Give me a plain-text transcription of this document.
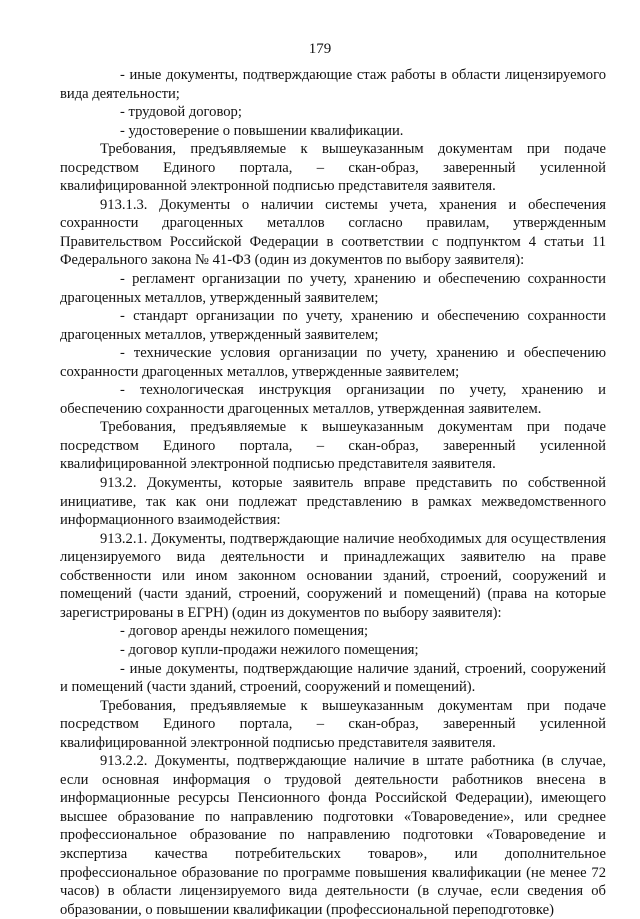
179

- иные документы, подтверждающие стаж работы в области лицензируемого вида деятельности;

- трудовой договор;

- удостоверение о повышении квалификации.

Требования, предъявляемые к вышеуказанным документам при подаче посредством Единого портала, – скан-образ, заверенный усиленной квалифицированной электронной подписью представителя заявителя.

913.1.3. Документы о наличии системы учета, хранения и обеспечения сохранности драгоценных металлов согласно правилам, утвержденным Правительством Российской Федерации в соответствии с подпунктом 4 статьи 11 Федерального закона № 41-ФЗ (один из документов по выбору заявителя):

- регламент организации по учету, хранению и обеспечению сохранности драгоценных металлов, утвержденный заявителем;

- стандарт организации по учету, хранению и обеспечению сохранности драгоценных металлов, утвержденный заявителем;

- технические условия организации по учету, хранению и обеспечению сохранности драгоценных металлов, утвержденные заявителем;

- технологическая инструкция организации по учету, хранению и обеспечению сохранности драгоценных металлов, утвержденная заявителем.

Требования, предъявляемые к вышеуказанным документам при подаче посредством Единого портала, – скан-образ, заверенный усиленной квалифицированной электронной подписью представителя заявителя.

913.2. Документы, которые заявитель вправе представить по собственной инициативе, так как они подлежат представлению в рамках межведомственного информационного взаимодействия:

913.2.1. Документы, подтверждающие наличие необходимых для осуществления лицензируемого вида деятельности и принадлежащих заявителю на праве собственности или ином законном основании зданий, строений, сооружений и помещений (части зданий, строений, сооружений и помещений) (права на которые зарегистрированы в ЕГРН) (один из документов по выбору заявителя):

- договор аренды нежилого помещения;

- договор купли-продажи нежилого помещения;

- иные документы, подтверждающие наличие зданий, строений, сооружений и помещений (части зданий, строений, сооружений и помещений).

Требования, предъявляемые к вышеуказанным документам при подаче посредством Единого портала, – скан-образ, заверенный усиленной квалифицированной электронной подписью представителя заявителя.

913.2.2. Документы, подтверждающие наличие в штате работника (в случае, если основная информация о трудовой деятельности работников внесена в информационные ресурсы Пенсионного фонда Российской Федерации), имеющего высшее образование по направлению подготовки «Товароведение», или среднее профессиональное образование по направлению подготовки «Товароведение и экспертиза качества потребительских товаров», или дополнительное профессиональное образование по программе повышения квалификации (не менее 72 часов) в области лицензируемого вида деятельности (в случае, если сведения об образовании, о повышении квалификации (профессиональной переподготовке)
